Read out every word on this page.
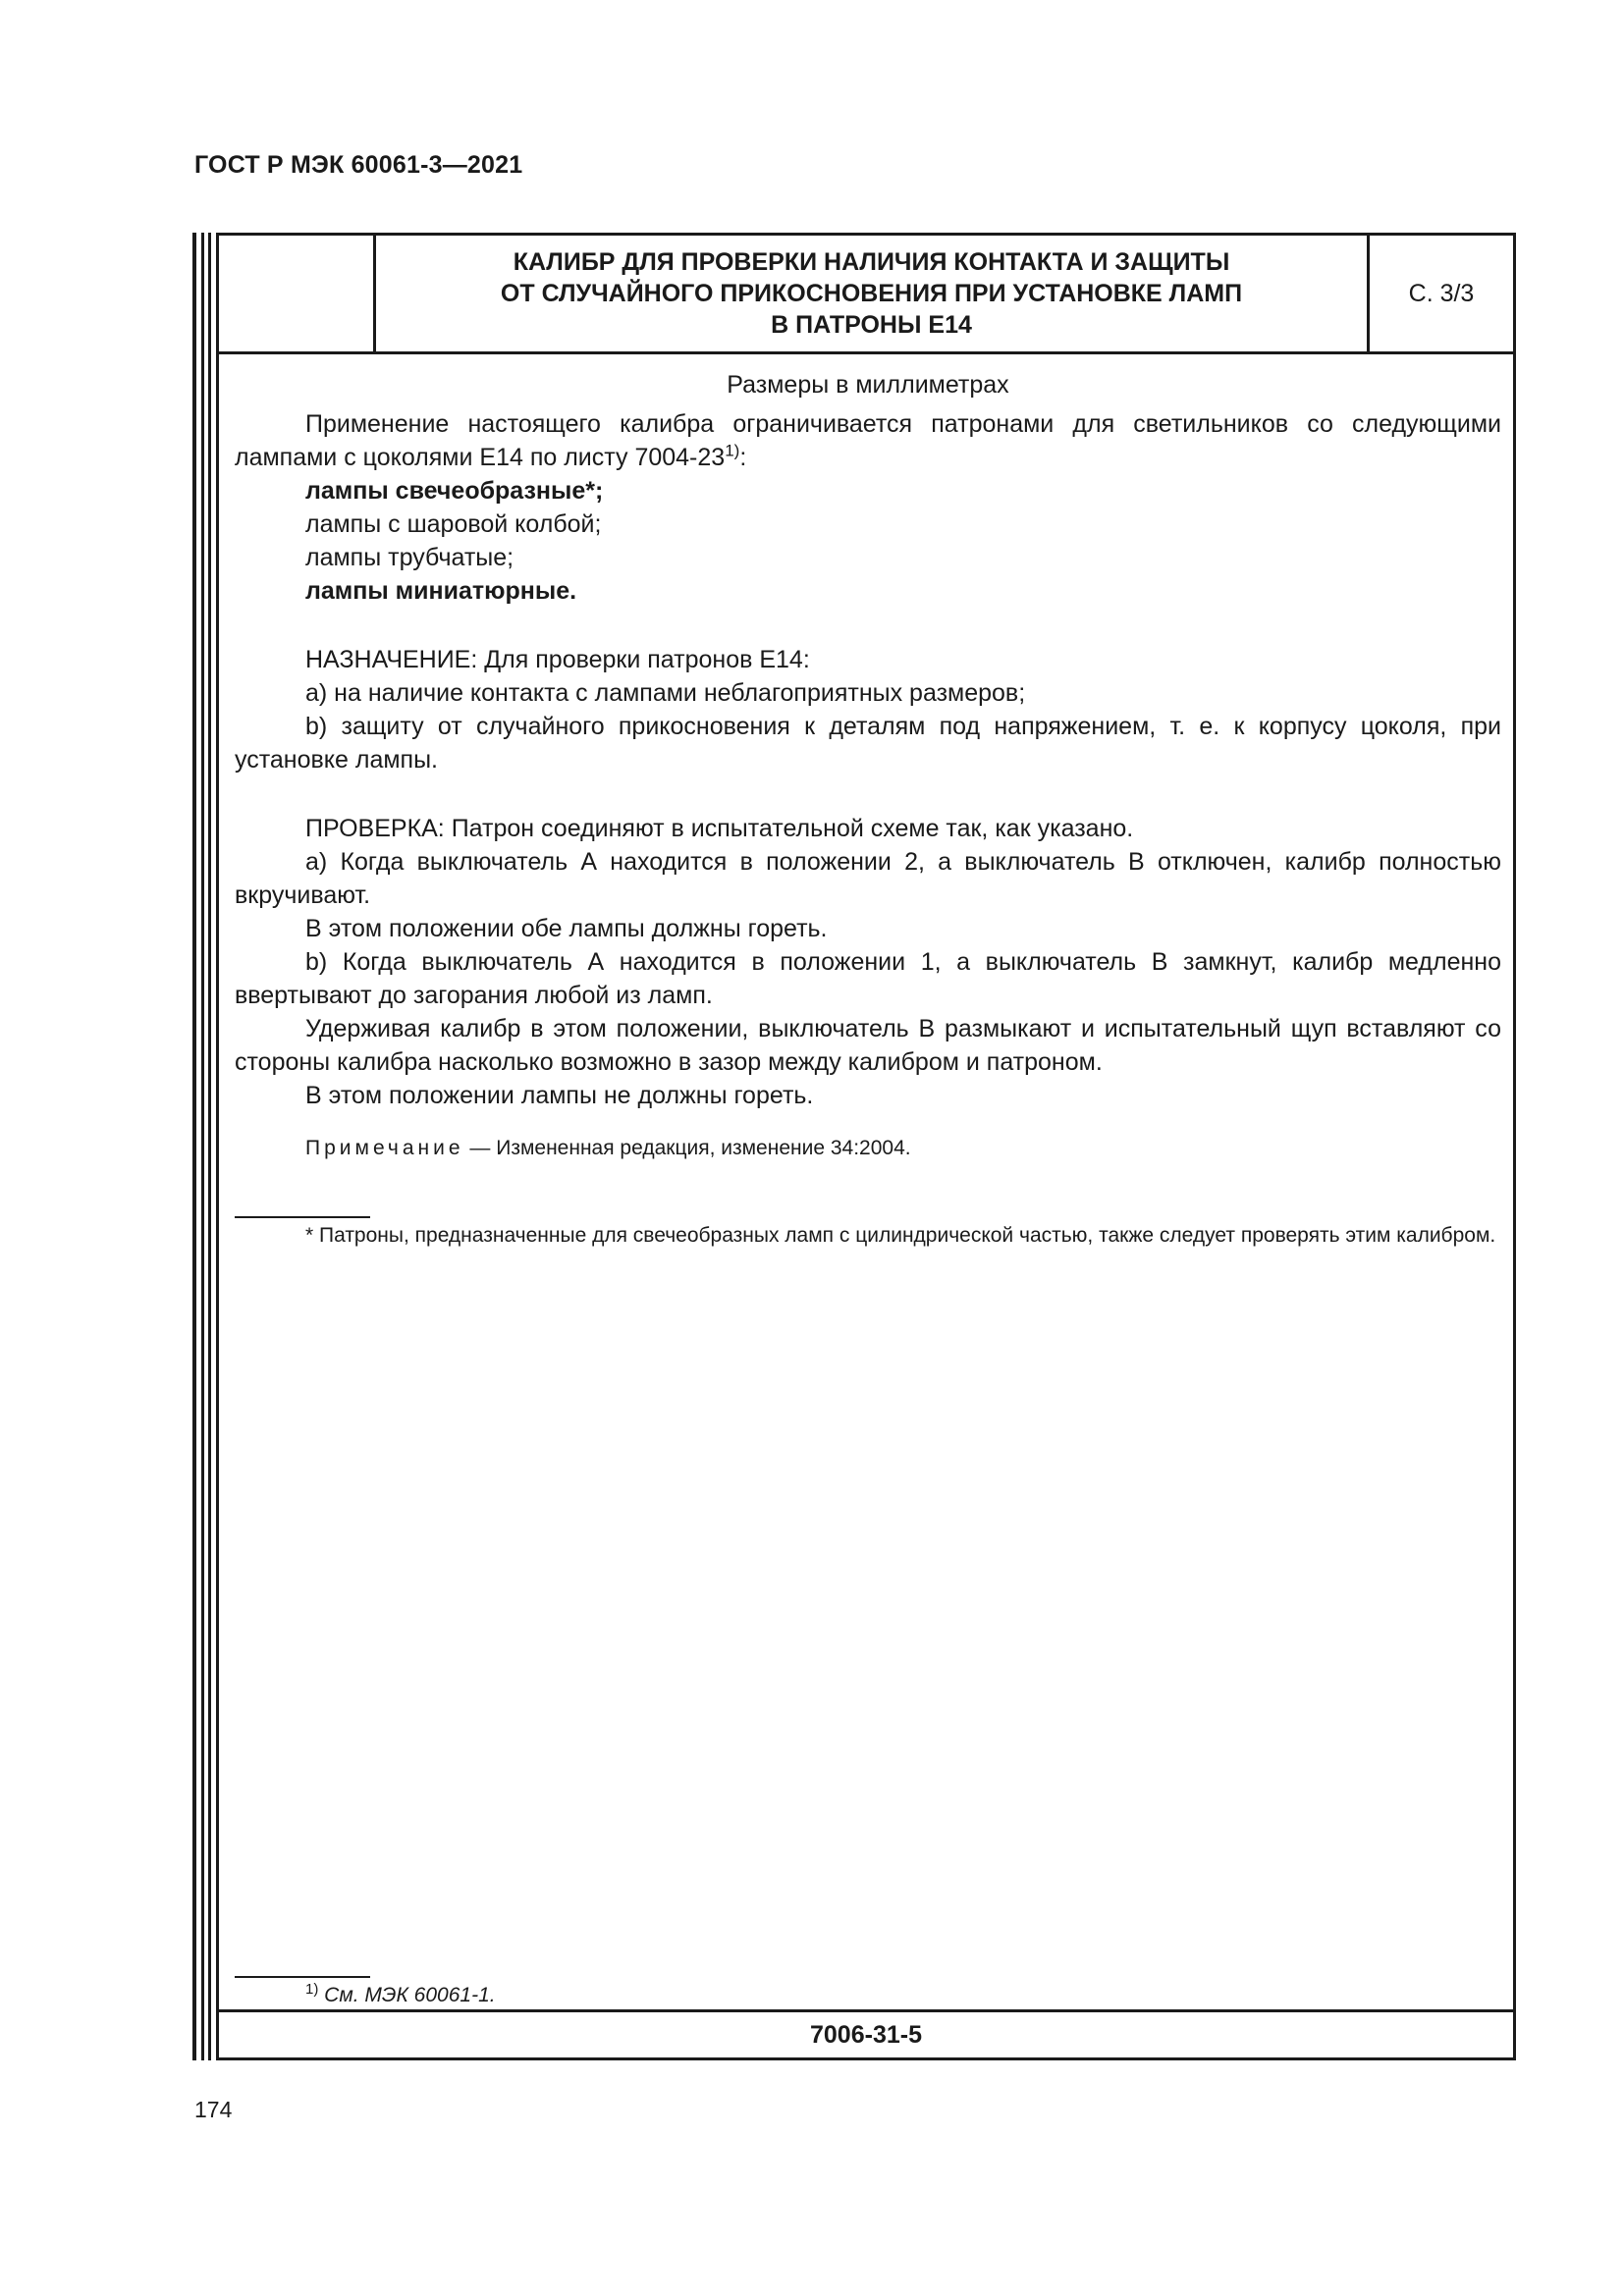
ГОСТ Р МЭК 60061-3—2021
КАЛИБР ДЛЯ ПРОВЕРКИ НАЛИЧИЯ КОНТАКТА И ЗАЩИТЫ
ОТ СЛУЧАЙНОГО ПРИКОСНОВЕНИЯ ПРИ УСТАНОВКЕ ЛАМП
В ПАТРОНЫ Е14
С. 3/3
Размеры в миллиметрах

Применение настоящего калибра ограничивается патронами для светильников со следующими лампами с цоколями Е14 по листу 7004-23$^{1)}$:

лампы свечеобразные*;
лампы с шаровой колбой;
лампы трубчатые;
лампы миниатюрные.

НАЗНАЧЕНИЕ: Для проверки патронов Е14:

a) на наличие контакта с лампами неблагоприятных размеров;

b) защиту от случайного прикосновения к деталям под напряжением, т. е. к корпусу цоколя, при установке лампы.

ПРОВЕРКА: Патрон соединяют в испытательной схеме так, как указано.

a) Когда выключатель А находится в положении 2, а выключатель В отключен, калибр полностью вкручивают.

В этом положении обе лампы должны гореть.

b) Когда выключатель А находится в положении 1, а выключатель В замкнут, калибр медленно ввертывают до загорания любой из ламп.

Удерживая калибр в этом положении, выключатель В размыкают и испытательный щуп вставляют со стороны калибра насколько возможно в зазор между калибром и патроном.

В этом положении лампы не должны гореть.

Примечание — Измененная редакция, изменение 34:2004.
* Патроны, предназначенные для свечеобразных ламп с цилиндрической частью, также следует проверять этим калибром.
$^{1)}$ См. МЭК 60061-1.
7006-31-5
174
